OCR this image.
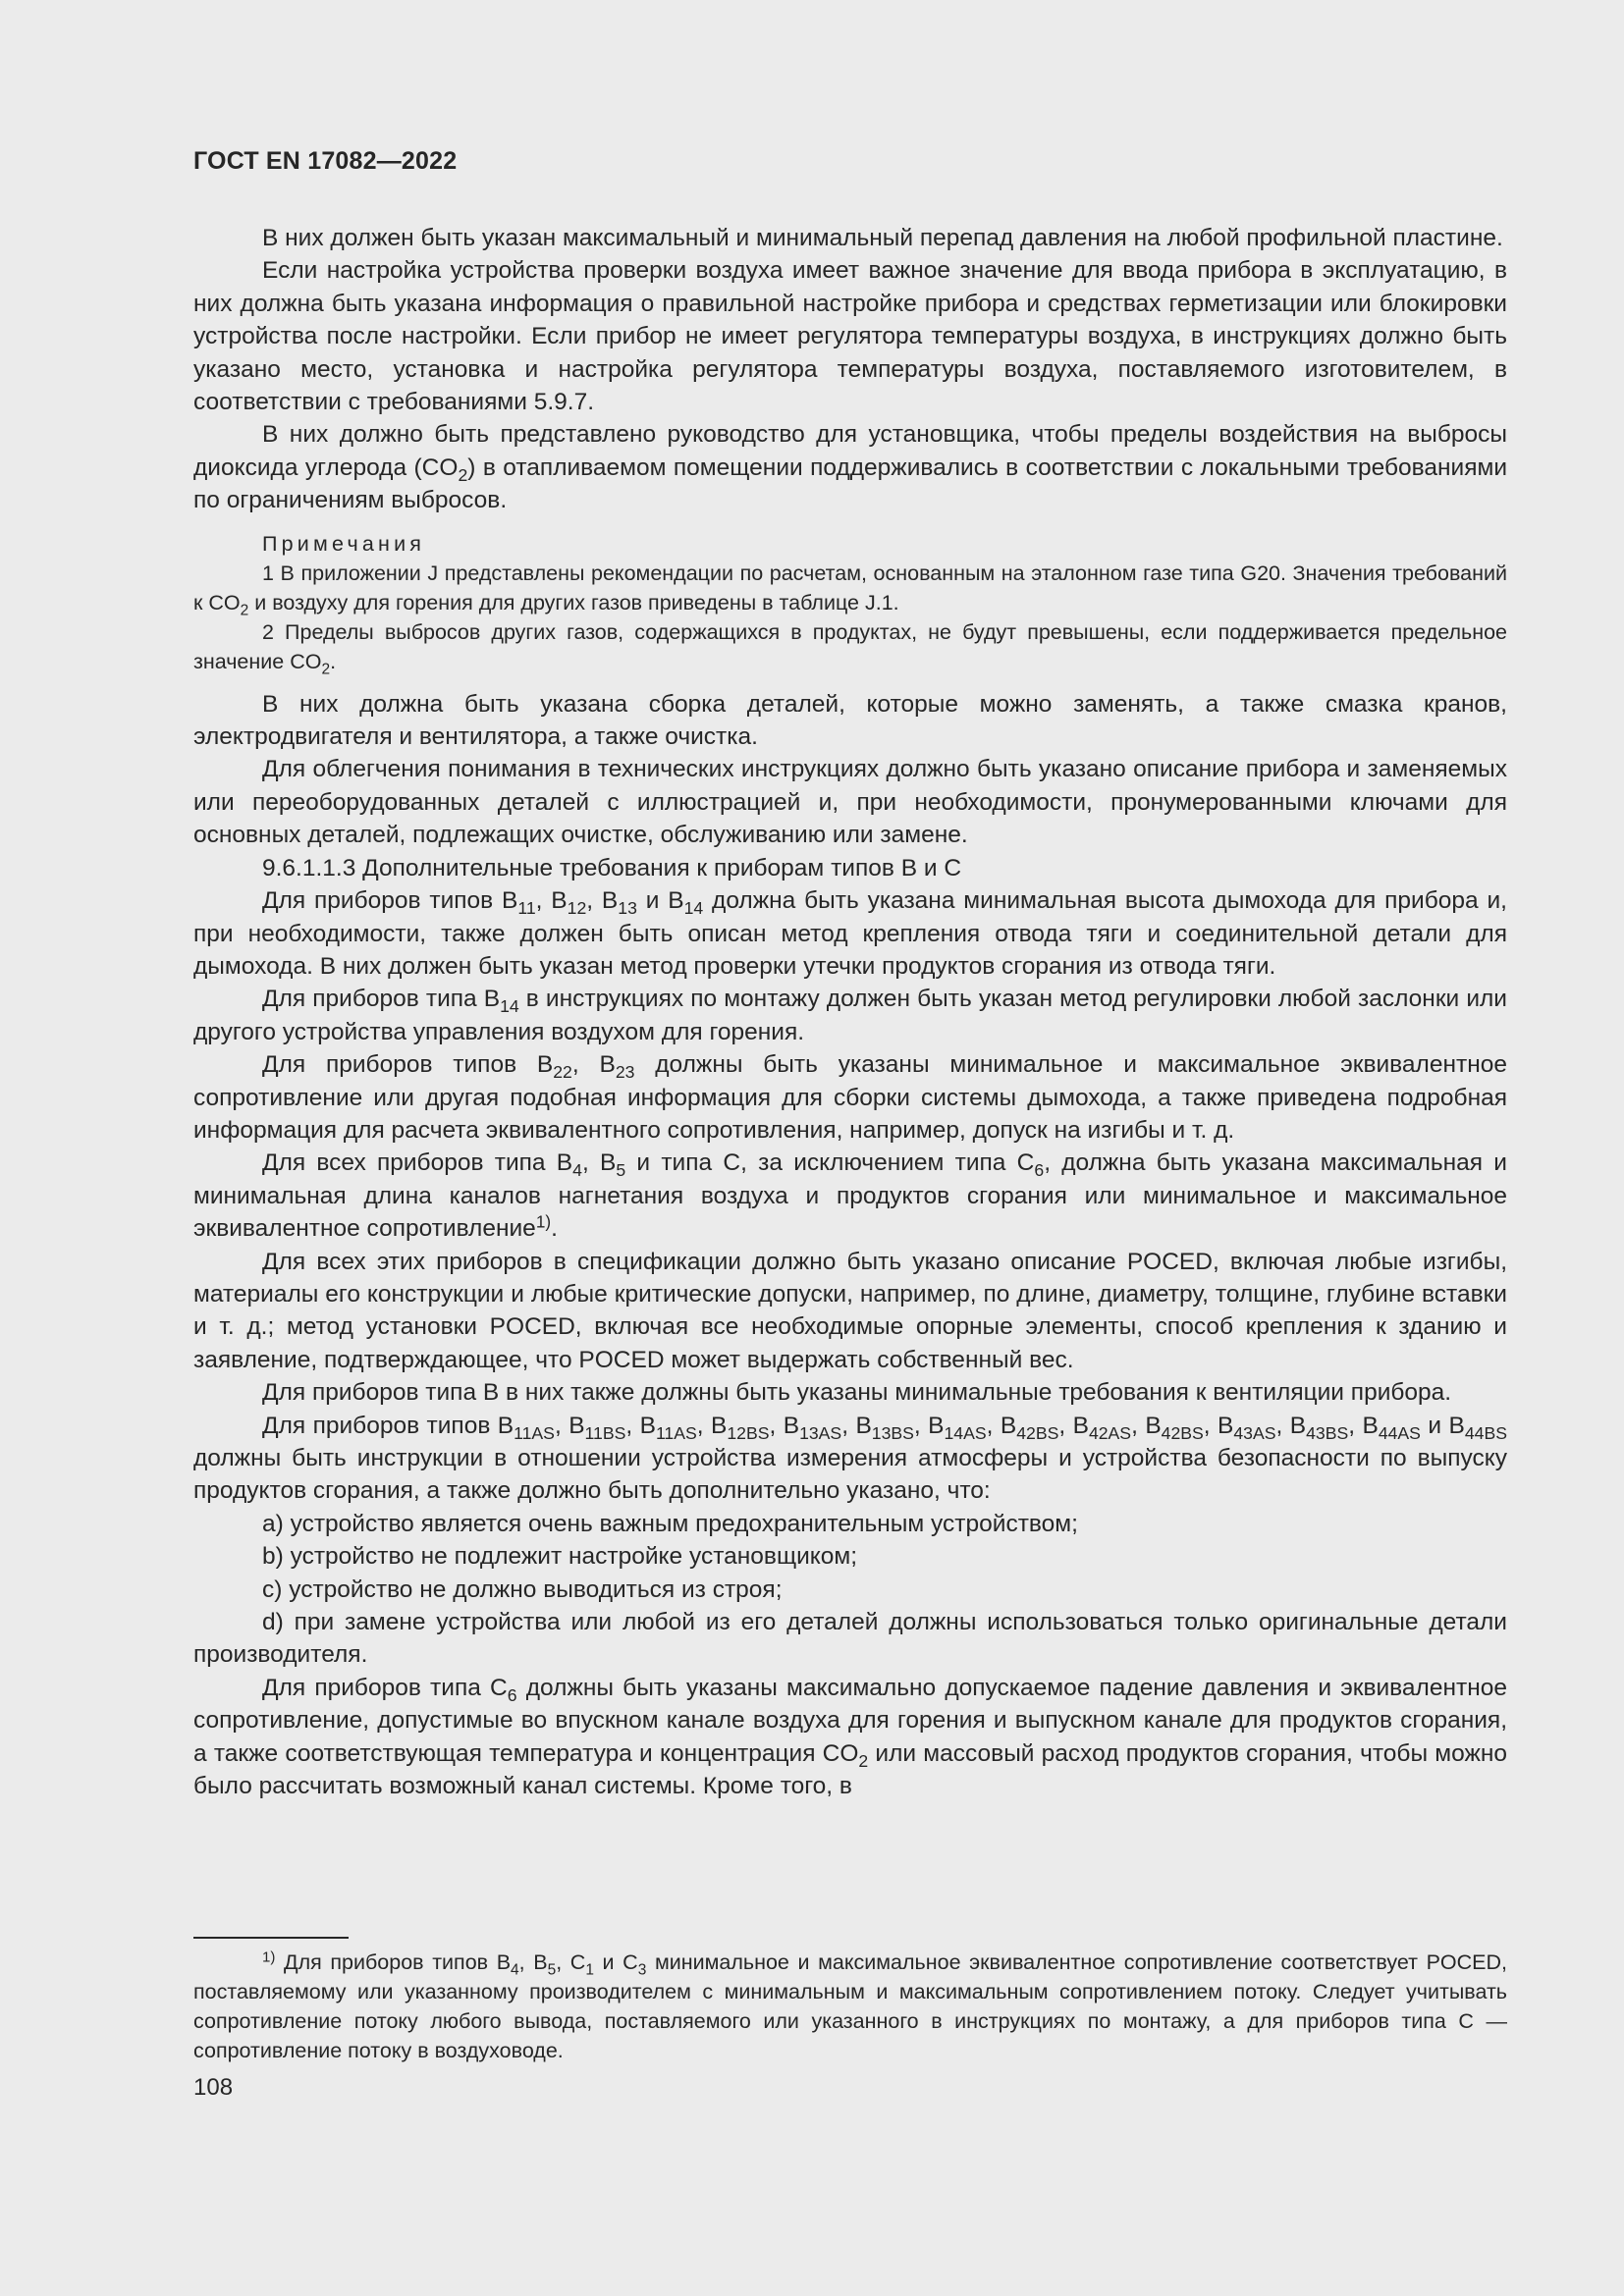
ГОСТ EN 17082—2022

В них должен быть указан максимальный и минимальный перепад давления на любой профильной пластине.

Если настройка устройства проверки воздуха имеет важное значение для ввода прибора в эксплуатацию, в них должна быть указана информация о правильной настройке прибора и средствах герметизации или блокировки устройства после настройки. Если прибор не имеет регулятора температуры воздуха, в инструкциях должно быть указано место, установка и настройка регулятора температуры воздуха, поставляемого изготовителем, в соответствии с требованиями 5.9.7.

В них должно быть представлено руководство для установщика, чтобы пределы воздействия на выбросы диоксида углерода $(CO_2)$ в отапливаемом помещении поддерживались в соответствии с локальными требованиями по ограничениям выбросов.

Примечания

1 В приложении J представлены рекомендации по расчетам, основанным на эталонном газе типа G20. Значения требований к $CO_2$ и воздуху для горения для других газов приведены в таблице J.1.

2 Пределы выбросов других газов, содержащихся в продуктах, не будут превышены, если поддерживается предельное значение $CO_2$.

В них должна быть указана сборка деталей, которые можно заменять, а также смазка кранов, электродвигателя и вентилятора, а также очистка.

Для облегчения понимания в технических инструкциях должно быть указано описание прибора и заменяемых или переоборудованных деталей с иллюстрацией и, при необходимости, пронумерованными ключами для основных деталей, подлежащих очистке, обслуживанию или замене.

9.6.1.1.3 Дополнительные требования к приборам типов B и C

Для приборов типов $B_{11}$, $B_{12}$, $B_{13}$ и $B_{14}$ должна быть указана минимальная высота дымохода для прибора и, при необходимости, также должен быть описан метод крепления отвода тяги и соединительной детали для дымохода. В них должен быть указан метод проверки утечки продуктов сгорания из отвода тяги.

Для приборов типа $B_{14}$ в инструкциях по монтажу должен быть указан метод регулировки любой заслонки или другого устройства управления воздухом для горения.

Для приборов типов $B_{22}$, $B_{23}$ должны быть указаны минимальное и максимальное эквивалентное сопротивление или другая подобная информация для сборки системы дымохода, а также приведена подробная информация для расчета эквивалентного сопротивления, например, допуск на изгибы и т. д.

Для всех приборов типа $B_4$, $B_5$ и типа C, за исключением типа $C_6$, должна быть указана максимальная и минимальная длина каналов нагнетания воздуха и продуктов сгорания или минимальное и максимальное эквивалентное сопротивление$^{1)}$.

Для всех этих приборов в спецификации должно быть указано описание POCED, включая любые изгибы, материалы его конструкции и любые критические допуски, например, по длине, диаметру, толщине, глубине вставки и т. д.; метод установки POCED, включая все необходимые опорные элементы, способ крепления к зданию и заявление, подтверждающее, что POCED может выдержать собственный вес.

Для приборов типа B в них также должны быть указаны минимальные требования к вентиляции прибора.

Для приборов типов $B_{11AS}$, $B_{11BS}$, $B_{11AS}$, $B_{12BS}$, $B_{13AS}$, $B_{13BS}$, $B_{14AS}$, $B_{42BS}$, $B_{42AS}$, $B_{42BS}$, $B_{43AS}$, $B_{43BS}$, $B_{44AS}$ и $B_{44BS}$ должны быть инструкции в отношении устройства измерения атмосферы и устройства безопасности по выпуску продуктов сгорания, а также должно быть дополнительно указано, что:

a) устройство является очень важным предохранительным устройством;

b) устройство не подлежит настройке установщиком;

c) устройство не должно выводиться из строя;

d) при замене устройства или любой из его деталей должны использоваться только оригинальные детали производителя.

Для приборов типа $C_6$ должны быть указаны максимально допускаемое падение давления и эквивалентное сопротивление, допустимые во впускном канале воздуха для горения и выпускном канале для продуктов сгорания, а также соответствующая температура и концентрация $CO_2$ или массовый расход продуктов сгорания, чтобы можно было рассчитать возможный канал системы. Кроме того, в

$^{1)}$ Для приборов типов $B_4$, $B_5$, $C_1$ и $C_3$ минимальное и максимальное эквивалентное сопротивление соответствует POCED, поставляемому или указанному производителем с минимальным и максимальным сопротивлением потоку. Следует учитывать сопротивление потоку любого вывода, поставляемого или указанного в инструкциях по монтажу, а для приборов типа C — сопротивление потоку в воздуховоде.

108
